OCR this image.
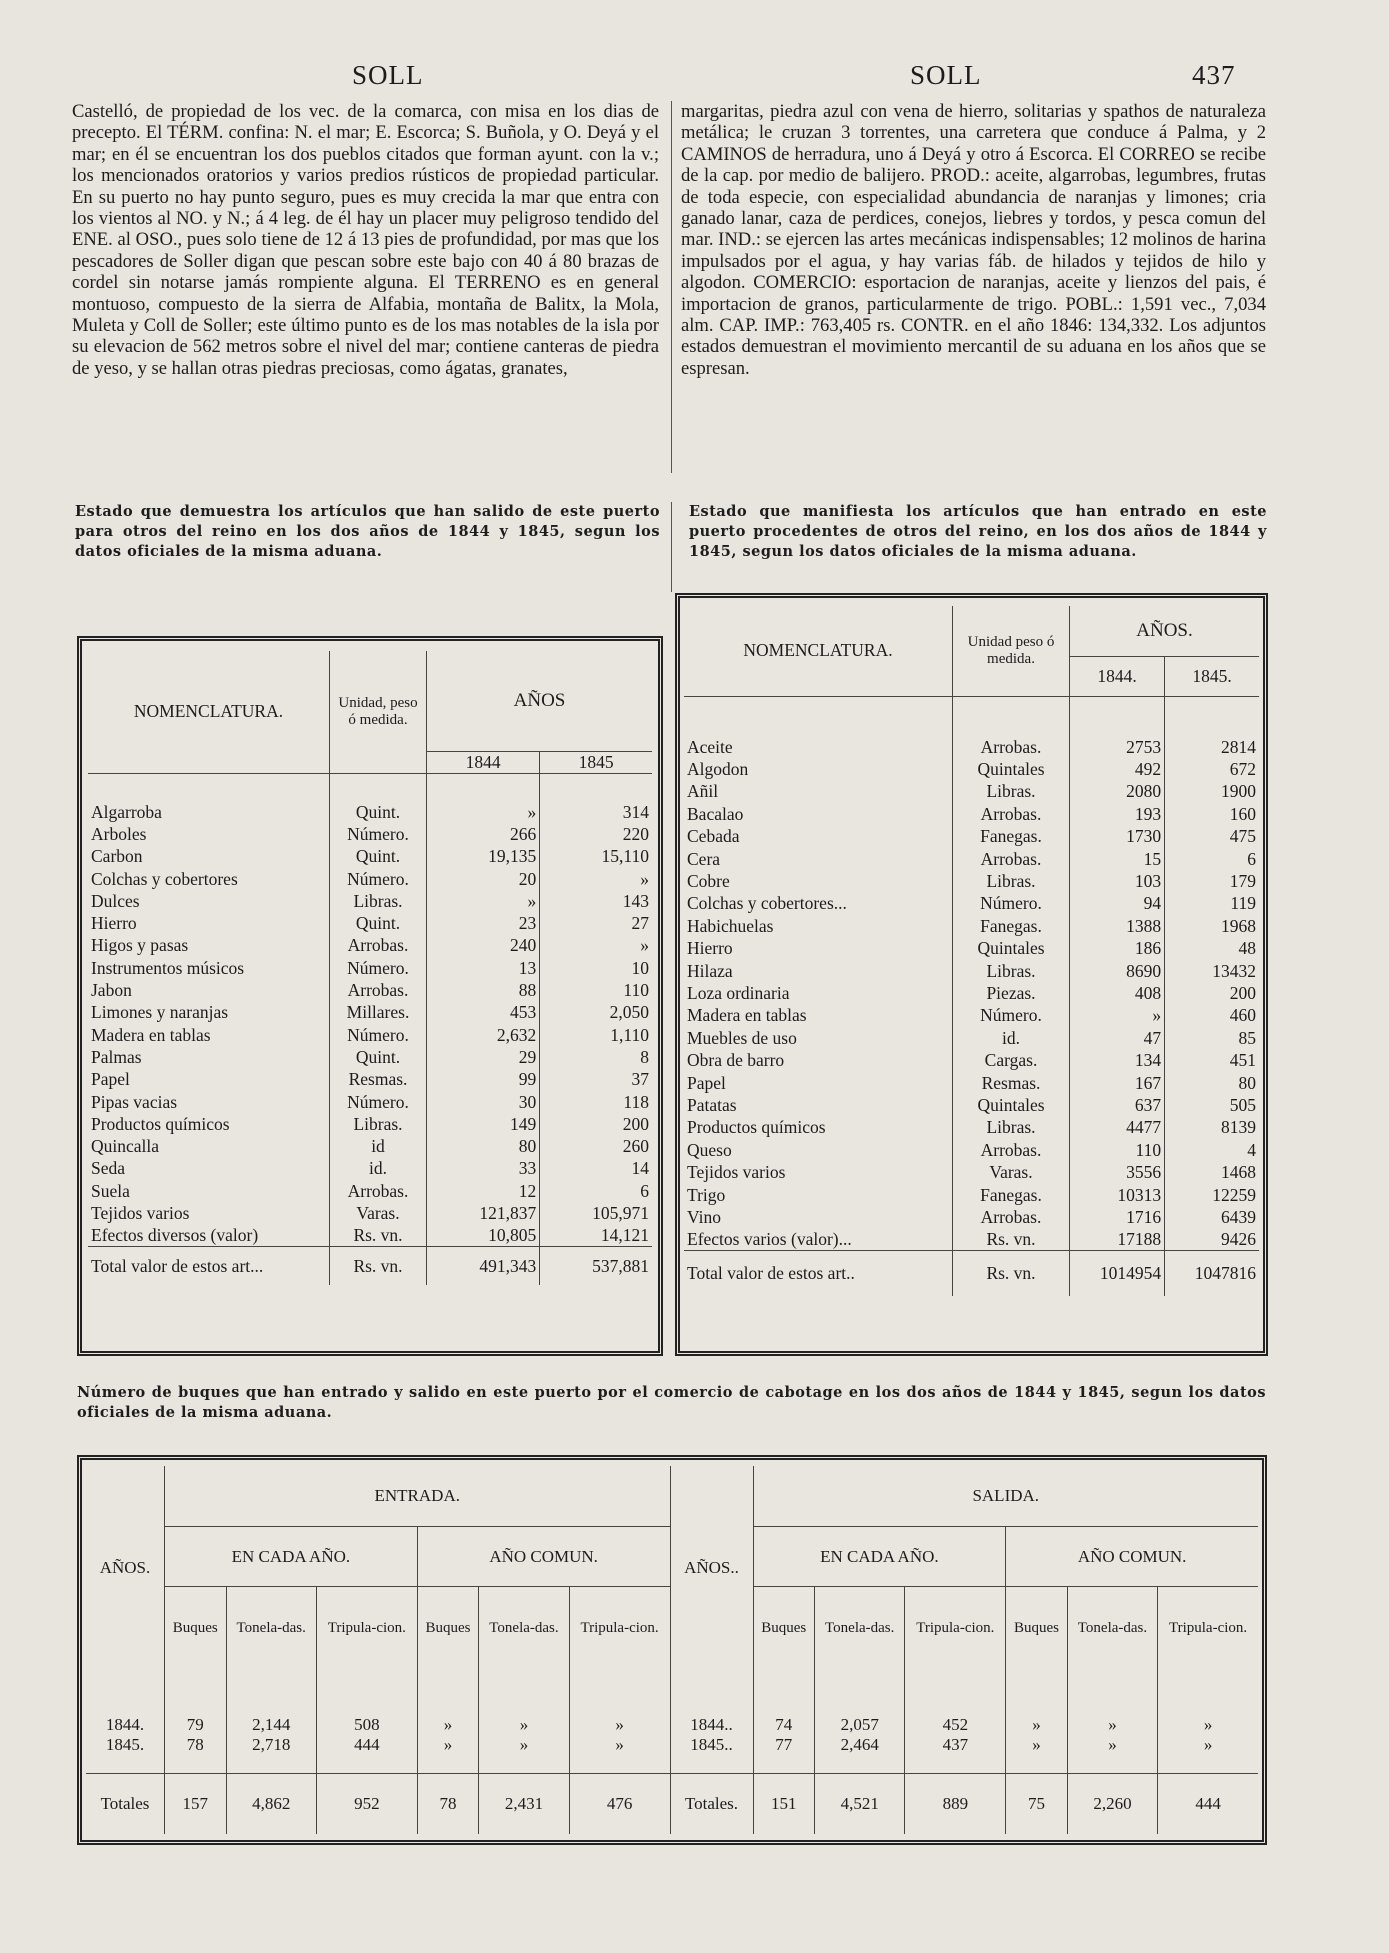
SOLL	SOLL	437
Castelló, de propiedad de los vec. de la comarca, con misa en los dias de precepto. El TÉRM. confina: N. el mar; E. Escorca; S. Buñola, y O. Deyá y el mar; en él se encuentran los dos pueblos citados que forman ayunt. con la v.; los mencionados oratorios y varios predios rústicos de propiedad particular. En su puerto no hay punto seguro, pues es muy crecida la mar que entra con los vientos al NO. y N.; á 4 leg. de él hay un placer muy peligroso tendido del ENE. al OSO., pues solo tiene de 12 á 13 pies de profundidad, por mas que los pescadores de Soller digan que pescan sobre este bajo con 40 á 80 brazas de cordel sin notarse jamás rompiente alguna. El TERRENO es en general montuoso, compuesto de la sierra de Alfabia, montaña de Balitx, la Mola, Muleta y Coll de Soller; este último punto es de los mas notables de la isla por su elevacion de 562 metros sobre el nivel del mar; contiene canteras de piedra de yeso, y se hallan otras piedras preciosas, como ágatas, granates,
margaritas, piedra azul con vena de hierro, solitarias y spathos de naturaleza metálica; le cruzan 3 torrentes, una carretera que conduce á Palma, y 2 CAMINOS de herradura, uno á Deyá y otro á Escorca. El CORREO se recibe de la cap. por medio de balijero. PROD.: aceite, algarrobas, legumbres, frutas de toda especie, con especialidad abundancia de naranjas y limones; cria ganado lanar, caza de perdices, conejos, liebres y tordos, y pesca comun del mar. IND.: se ejercen las artes mecánicas indispensables; 12 molinos de harina impulsados por el agua, y hay varias fáb. de hilados y tejidos de hilo y algodon. COMERCIO: esportacion de naranjas, aceite y lienzos del pais, é importacion de granos, particularmente de trigo. POBL.: 1,591 vec., 7,034 alm. CAP. IMP.: 763,405 rs. CONTR. en el año 1846: 134,332. Los adjuntos estados demuestran el movimiento mercantil de su aduana en los años que se espresan.
Estado que demuestra los artículos que han salido de este puerto para otros del reino en los dos años de 1844 y 1845, segun los datos oficiales de la misma aduana.
Estado que manifiesta los artículos que han entrado en este puerto procedentes de otros del reino, en los dos años de 1844 y 1845, segun los datos oficiales de la misma aduana.
NOMENCLATURA.	Unidad, peso ó medida.	AÑOS	
		1844	1845

Algarroba	Quint.	»	314
Arboles	Número.	266	220
Carbon	Quint.	19,135	15,110
Colchas y cobertores	Número.	20	»
Dulces	Libras.	»	143
Hierro	Quint.	23	27
Higos y pasas	Arrobas.	240	»
Instrumentos músicos	Número.	13	10
Jabon	Arrobas.	88	110
Limones y naranjas	Millares.	453	2,050
Madera en tablas	Número.	2,632	1,110
Palmas	Quint.	29	8
Papel	Resmas.	99	37
Pipas vacias	Número.	30	118
Productos químicos	Libras.	149	200
Quincalla	id	80	260
Seda	id.	33	14
Suela	Arrobas.	12	6
Tejidos varios	Varas.	121,837	105,971
Efectos diversos (valor)	Rs. vn.	10,805	14,121
Total valor de estos art...	Rs. vn.	491,343	537,881
NOMENCLATURA.	Unidad peso ó medida.	AÑOS.	
		1844.	1845.

Aceite	Arrobas.	2753	2814
Algodon	Quintales	492	672
Añil	Libras.	2080	1900
Bacalao	Arrobas.	193	160
Cebada	Fanegas.	1730	475
Cera	Arrobas.	15	6
Cobre	Libras.	103	179
Colchas y cobertores...	Número.	94	119
Habichuelas	Fanegas.	1388	1968
Hierro	Quintales	186	48
Hilaza	Libras.	8690	13432
Loza ordinaria	Piezas.	408	200
Madera en tablas	Número.	»	460
Muebles de uso	id.	47	85
Obra de barro	Cargas.	134	451
Papel	Resmas.	167	80
Patatas	Quintales	637	505
Productos químicos	Libras.	4477	8139
Queso	Arrobas.	110	4
Tejidos varios	Varas.	3556	1468
Trigo	Fanegas.	10313	12259
Vino	Arrobas.	1716	6439
Efectos varios (valor)...	Rs. vn.	17188	9426
Total valor de estos art..	Rs. vn.	1014954	1047816
Número de buques que han entrado y salido en este puerto por el comercio de cabotage en los dos años de 1844 y 1845, segun los datos oficiales de la misma aduana.
AÑOS.	ENTRADA.						AÑOS..	SALIDA.					
	EN CADA AÑO.			AÑO COMUN.				EN CADA AÑO.			AÑO COMUN.		
	Buques	Tonela-das.	Tripula-cion.	Buques	Tonela-das.	Tripula-cion.		Buques	Tonela-das.	Tripula-cion.	Buques	Tonela-das.	Tripula-cion.
1844.	79	2,144	508	»	»	»	1844..	74	2,057	452	»	»	»
1845.	78	2,718	444	»	»	»	1845..	77	2,464	437	»	»	»
Totales	157	4,862	952	78	2,431	476	Totales.	151	4,521	889	75	2,260	444
